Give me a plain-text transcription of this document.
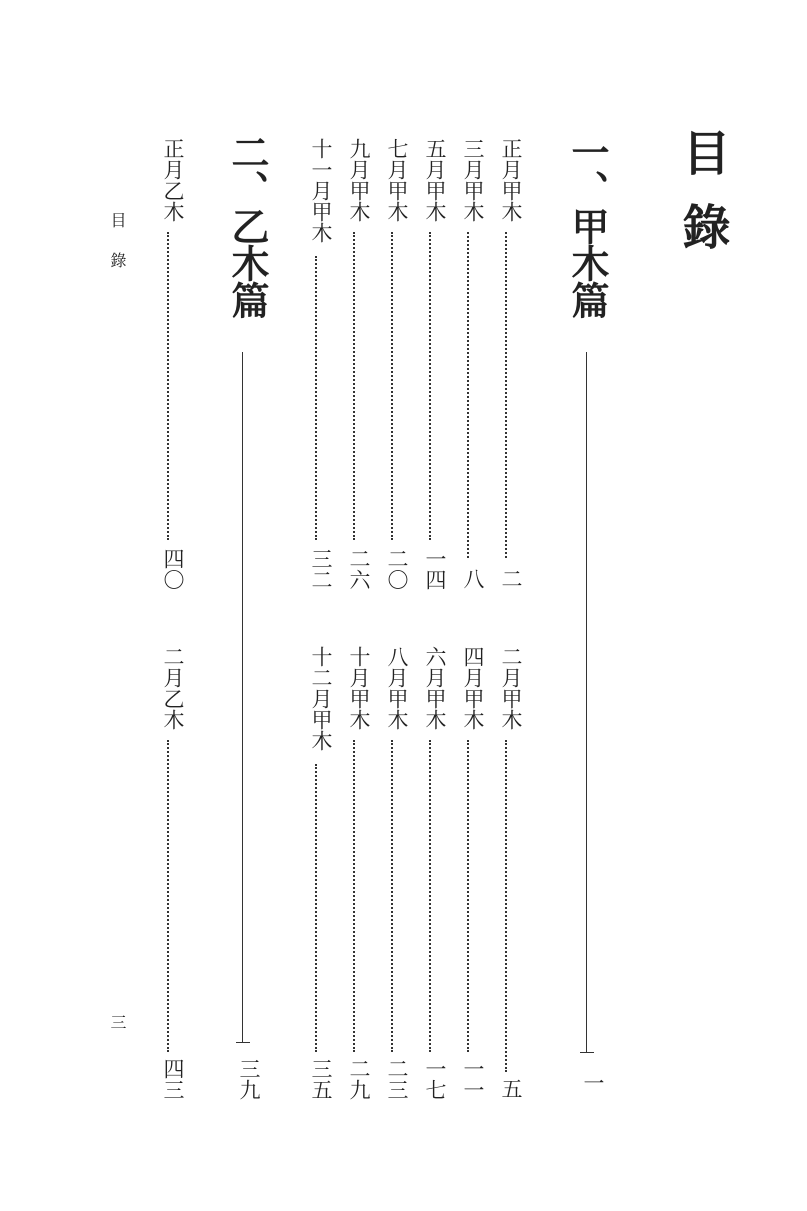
目錄
目錄
三
一、甲木篇
一
正月甲木
二
三月甲木
八
五月甲木
一四
七月甲木
二〇
九月甲木
二六
十一月甲木
三二
二月甲木
五
四月甲木
一一
六月甲木
一七
八月甲木
二三
十月甲木
二九
十二月甲木
三五
二、乙木篇
三九
正月乙木
四〇
二月乙木
四三
